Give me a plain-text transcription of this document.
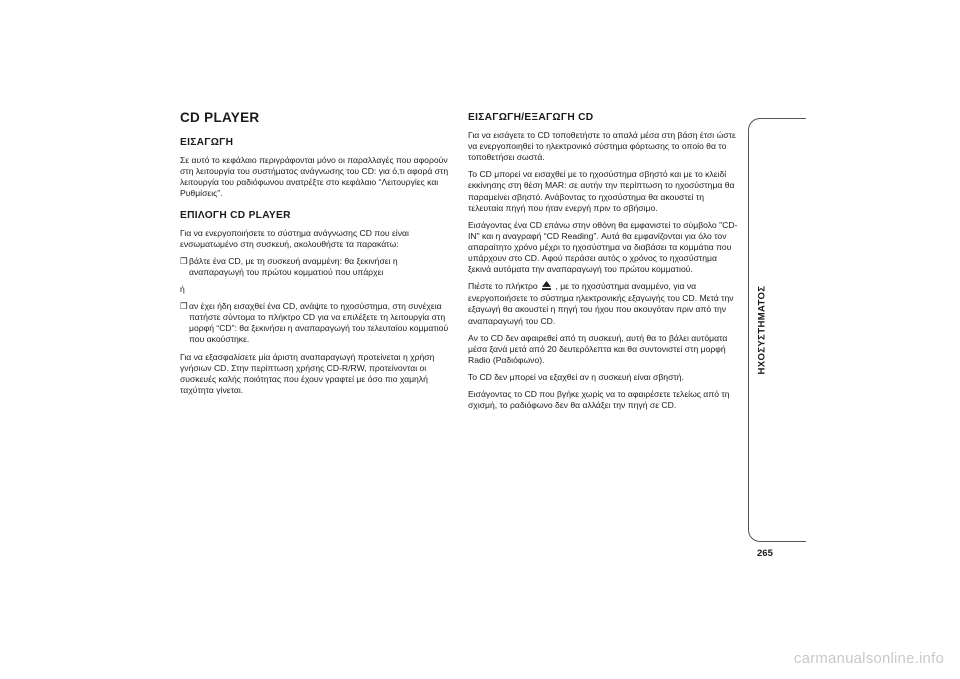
CD PLAYER
ΕΙΣΑΓΩΓΗ

Σε αυτό το κεφάλαιο περιγράφονται μόνο οι παραλλαγές που αφορούν στη λειτουργία του συστήματος ανάγνωσης του CD: για ό,τι αφορά στη λειτουργία του ραδιόφωνου ανατρέξτε στο κεφάλαιο “Λειτουργίες και Ρυθμίσεις”.

ΕΠΙΛΟΓΗ CD PLAYER

Για να ενεργοποιήσετε το σύστημα ανάγνωσης CD που είναι ενσωματωμένο στη συσκευή, ακολουθήστε τα παρακάτω:

❒ βάλτε ένα CD, με τη συσκευή αναμμένη: θα ξεκινήσει η αναπαραγωγή του πρώτου κομματιού που υπάρχει

ή

❒ αν έχει ήδη εισαχθεί ένα CD, ανάψτε το ηχοσύστημα, στη συνέχεια πατήστε σύντομα το πλήκτρο CD για να επιλέξετε τη λειτουργία στη μορφή “CD”: θα ξεκινήσει η αναπαραγωγή του τελευταίου κομματιού που ακούστηκε.

Για να εξασφαλίσετε μία άριστη αναπαραγωγή προτείνεται η χρήση γνήσιων CD. Στην περίπτωση χρήσης CD-R/RW, προτείνονται οι συσκευές καλής ποιότητας που έχουν γραφτεί με όσο πιο χαμηλή ταχύτητα γίνεται.

ΕΙΣΑΓΩΓΗ/ΕΞΑΓΩΓΗ CD

Για να εισάγετε το CD τοποθετήστε το απαλά μέσα στη βάση έτσι ώστε να ενεργοποιηθεί το ηλεκτρονικό σύστημα φόρτωσης το οποίο θα το τοποθετήσει σωστά.

Το CD μπορεί να εισαχθεί με το ηχοσύστημα σβηστό και με το κλειδί εκκίνησης στη θέση MAR: σε αυτήν την περίπτωση το ηχοσύστημα θα παραμείνει σβηστό. Ανάβοντας το ηχοσύστημα θα ακουστεί τη τελευταία πηγή που ήταν ενεργή πριν το σβήσιμο.

Εισάγοντας ένα CD επάνω στην οθόνη θα εμφανιστεί το σύμβολο "CD-IN" και η αναγραφή “CD Reading”. Αυτά θα εμφανίζονται για όλο τον απαραίτητο χρόνο μέχρι το ηχοσύστημα να διαβάσει τα κομμάτια που υπάρχουν στο CD. Αφού περάσει αυτός ο χρόνος το ηχοσύστημα ξεκινά αυτόματα την αναπαραγωγή του πρώτου κομματιού.

Πιέστε το πλήκτρο , με το ηχοσύστημα αναμμένο, για να ενεργοποιήσετε το σύστημα ηλεκτρονικής εξαγωγής του CD. Μετά την εξαγωγή θα ακουστεί η πηγή του ήχου που ακουγόταν πριν από την αναπαραγωγή του CD.

Αν το CD δεν αφαιρεθεί από τη συσκευή, αυτή θα το βάλει αυτόματα μέσα ξανά μετά από 20 δευτερόλεπτα και θα συντονιστεί στη μορφή Radio (Ραδιόφωνο).

Το CD δεν μπορεί να εξαχθεί αν η συσκευή είναι σβηστή.

Εισάγοντας το CD που βγήκε χωρίς να το αφαιρέσετε τελείως από τη σχισμή, το ραδιόφωνο δεν θα αλλάξει την πηγή σε CD.

ΗΧΟΣΥΣΤΗΜΑΤΟΣ
265
carmanualsonline.info
